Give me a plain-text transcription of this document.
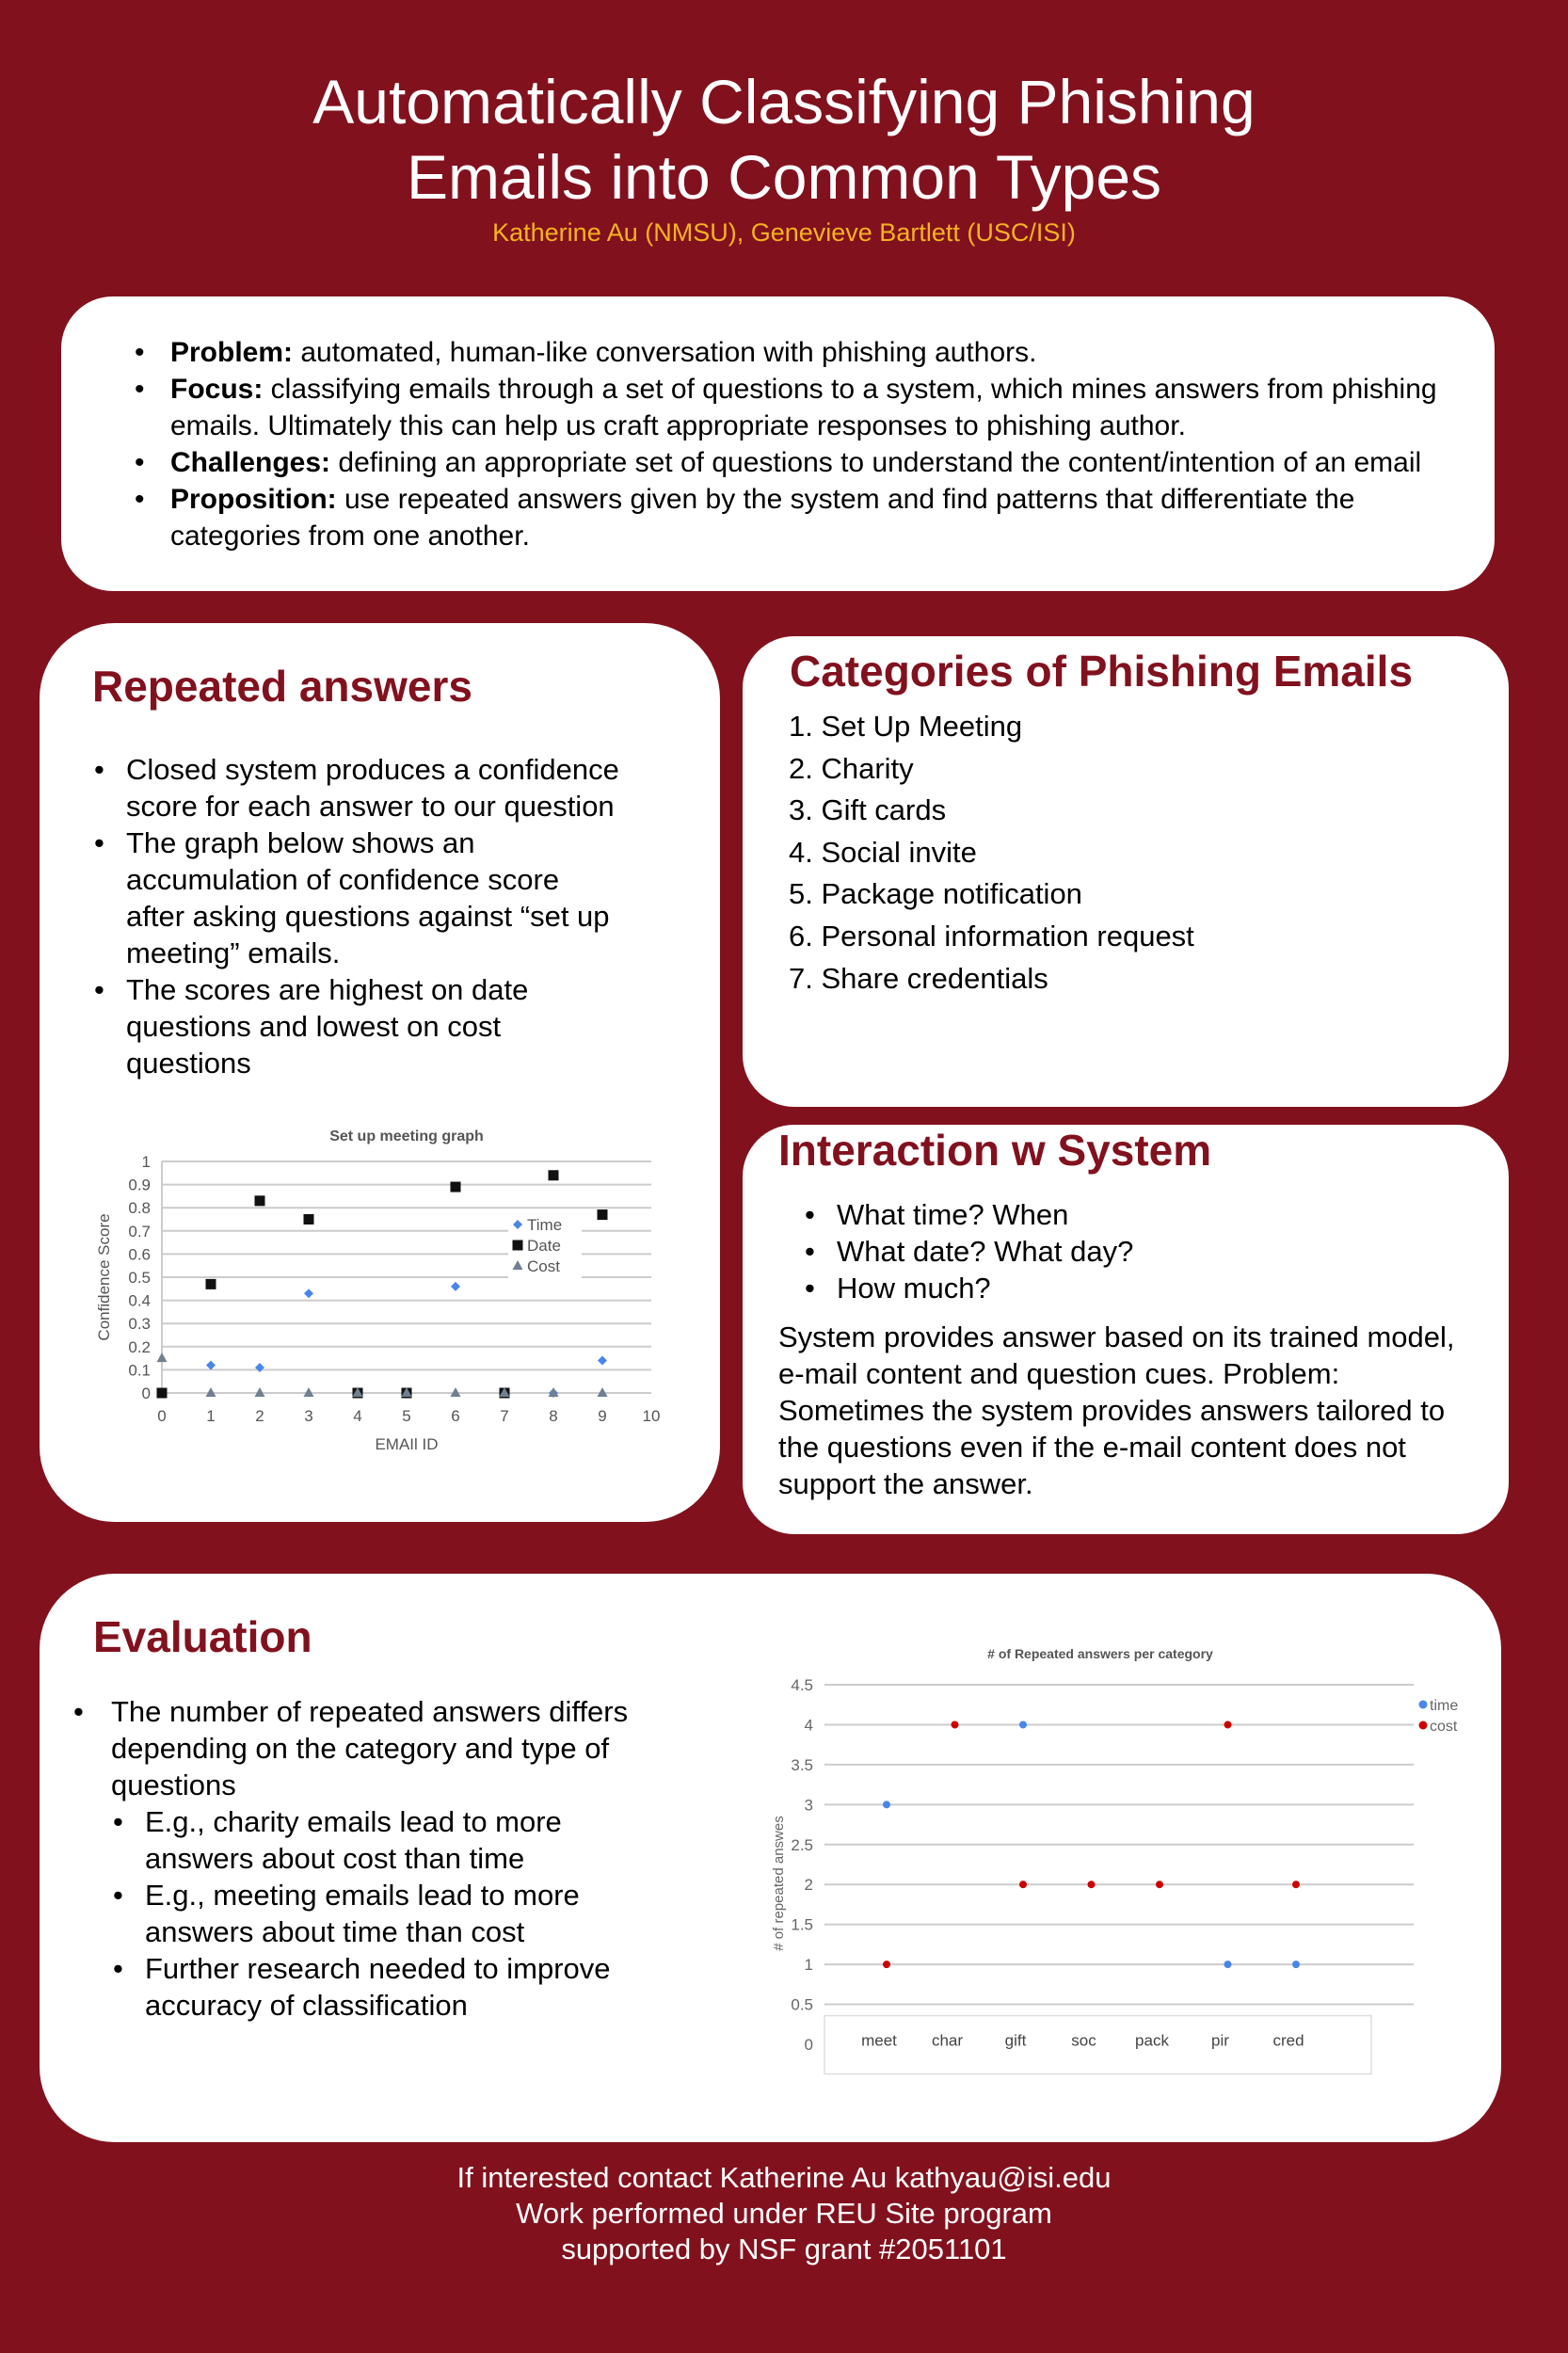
Automatically Classifying Phishing
Emails into Common Types
Katherine Au (NMSU), Genevieve Bartlett (USC/ISI)
• Problem: automated, human-like conversation with phishing authors.
• Focus: classifying emails through a set of questions to a system, which mines answers from phishing emails. Ultimately this can help us craft appropriate responses to phishing author.
• Challenges: defining an appropriate set of questions to understand the content/intention of an email
• Proposition: use repeated answers given by the system and find patterns that differentiate the categories from one another.
Repeated answers
• Closed system produces a confidence score for each answer to our question
• The graph below shows an accumulation of confidence score after asking questions against “set up meeting” emails.
• The scores are highest on date questions and lowest on cost questions
Set up meeting graph
0
0.1
0.2
0.3
0.4
0.5
0.6
0.7
0.8
0.9
1
0	1	2	3	4	5	6	7	8	9 10
EMAIl ID
Confidence Score	Time
Date
Cost
Categories of Phishing Emails
1. Set Up Meeting
2. Charity
3. Gift cards
4. Social invite
5. Package notification
6. Personal information request
7. Share credentials
Interaction w System
• What time? When
• What date? What day?
• How much?
System provides answer based on its trained model, e-mail content and question cues. Problem: Sometimes the system provides answers tailored to the questions even if the e-mail content does not support the answer.
Evaluation
• The number of repeated answers differs depending on the category and type of questions
• E.g., charity emails lead to more answers about cost than time
• E.g., meeting emails lead to more answers about time than cost
• Further research needed to improve accuracy of classification
# of Repeated answers per category
0
0.5
1
1.5
2
2.5
3
3.5
4
4.5
meet char	gift	soc pack	pir	cred
# of repeated answes
time
cost
If interested contact Katherine Au kathyau@isi.edu
Work performed under REU Site program
supported by NSF grant #2051101
